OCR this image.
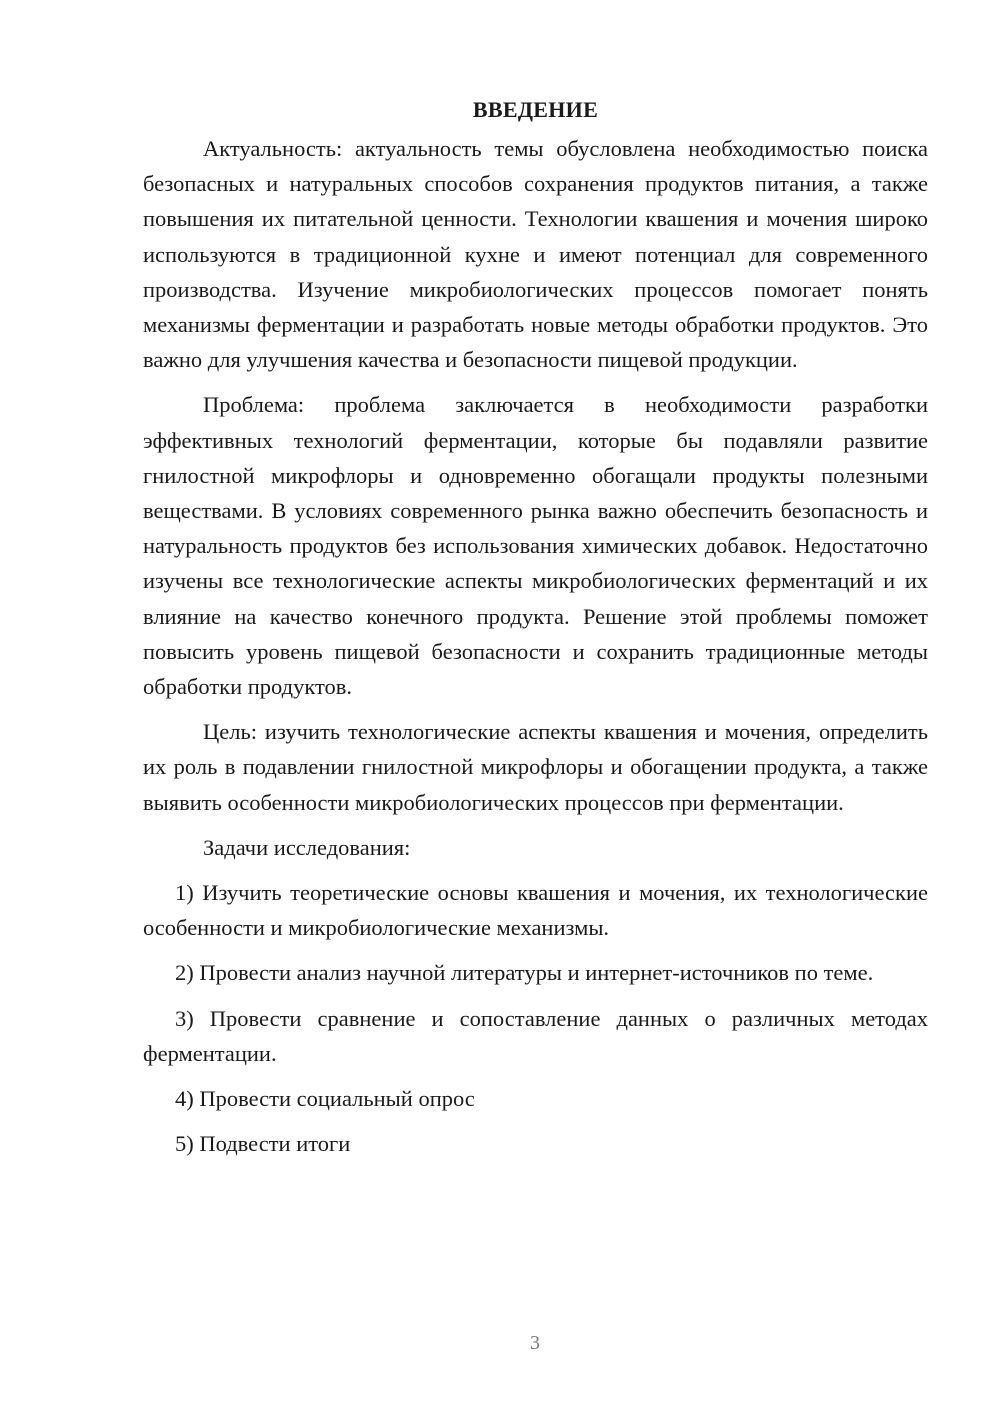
ВВЕДЕНИЕ

Актуальность: актуальность темы обусловлена необходимостью поиска безопасных и натуральных способов сохранения продуктов питания, а также повышения их питательной ценности. Технологии квашения и мочения широко используются в традиционной кухне и имеют потенциал для современного производства. Изучение микробиологических процессов помогает понять механизмы ферментации и разработать новые методы обработки продуктов. Это важно для улучшения качества и безопасности пищевой продукции.

Проблема: проблема заключается в необходимости разработки эффективных технологий ферментации, которые бы подавляли развитие гнилостной микрофлоры и одновременно обогащали продукты полезными веществами. В условиях современного рынка важно обеспечить безопасность и натуральность продуктов без использования химических добавок. Недостаточно изучены все технологические аспекты микробиологических ферментаций и их влияние на качество конечного продукта. Решение этой проблемы поможет повысить уровень пищевой безопасности и сохранить традиционные методы обработки продуктов.

Цель: изучить технологические аспекты квашения и мочения, определить их роль в подавлении гнилостной микрофлоры и обогащении продукта, а также выявить особенности микробиологических процессов при ферментации.

Задачи исследования:

1) Изучить теоретические основы квашения и мочения, их технологические особенности и микробиологические механизмы.

2) Провести анализ научной литературы и интернет-источников по теме.

3) Провести сравнение и сопоставление данных о различных методах ферментации.

4) Провести социальный опрос

5) Подвести итоги

3
